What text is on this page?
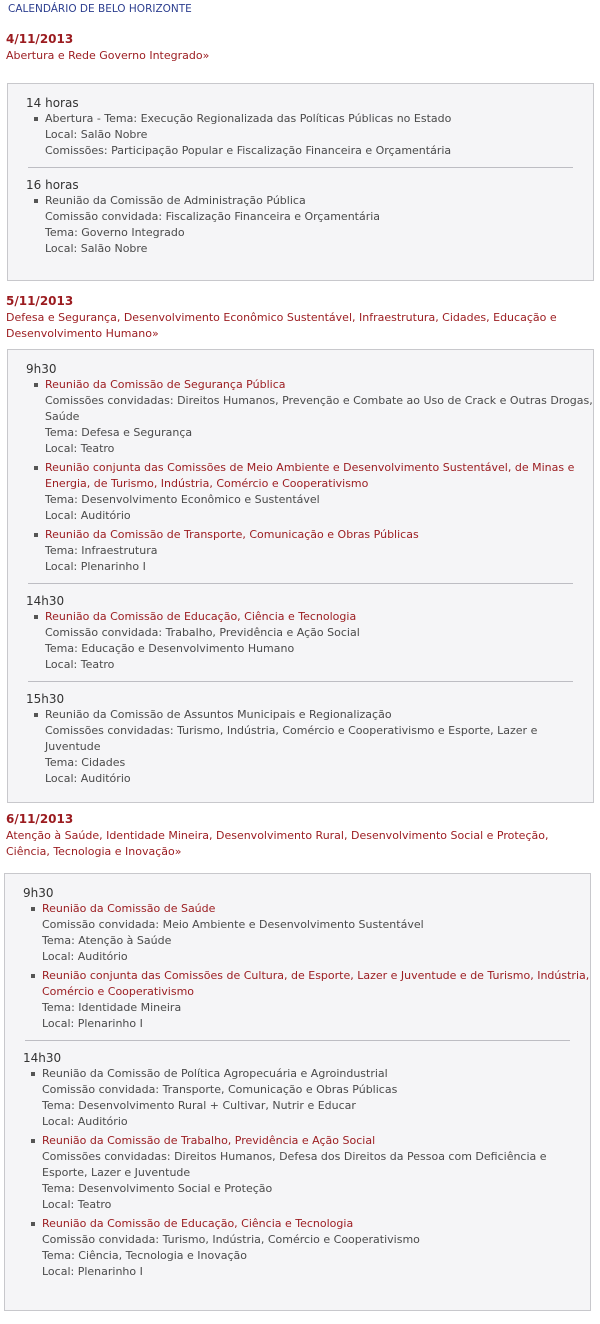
CALENDÁRIO DE BELO HORIZONTE
4/11/2013
Abertura e Rede Governo Integrado»
14 horas
Abertura - Tema: Execução Regionalizada das Políticas Públicas no Estado
Local: Salão Nobre
Comissões: Participação Popular e Fiscalização Financeira e Orçamentária
16 horas
Reunião da Comissão de Administração Pública
Comissão convidada: Fiscalização Financeira e Orçamentária
Tema: Governo Integrado
Local: Salão Nobre
5/11/2013
Defesa e Segurança, Desenvolvimento Econômico Sustentável, Infraestrutura, Cidades, Educação e Desenvolvimento Humano»
9h30
Reunião da Comissão de Segurança Pública
Comissões convidadas: Direitos Humanos, Prevenção e Combate ao Uso de Crack e Outras Drogas, Saúde
Tema: Defesa e Segurança
Local: Teatro
Reunião conjunta das Comissões de Meio Ambiente e Desenvolvimento Sustentável, de Minas e Energia, de Turismo, Indústria, Comércio e Cooperativismo
Tema: Desenvolvimento Econômico e Sustentável
Local: Auditório
Reunião da Comissão de Transporte, Comunicação e Obras Públicas
Tema: Infraestrutura
Local: Plenarinho I
14h30
Reunião da Comissão de Educação, Ciência e Tecnologia
Comissão convidada: Trabalho, Previdência e Ação Social
Tema: Educação e Desenvolvimento Humano
Local: Teatro
15h30
Reunião da Comissão de Assuntos Municipais e Regionalização
Comissões convidadas: Turismo, Indústria, Comércio e Cooperativismo e Esporte, Lazer e Juventude
Tema: Cidades
Local: Auditório
6/11/2013
Atenção à Saúde, Identidade Mineira, Desenvolvimento Rural, Desenvolvimento Social e Proteção, Ciência, Tecnologia e Inovação»
9h30
Reunião da Comissão de Saúde
Comissão convidada: Meio Ambiente e Desenvolvimento Sustentável
Tema: Atenção à Saúde
Local: Auditório
Reunião conjunta das Comissões de Cultura, de Esporte, Lazer e Juventude e de Turismo, Indústria, Comércio e Cooperativismo
Tema: Identidade Mineira
Local: Plenarinho I
14h30
Reunião da Comissão de Política Agropecuária e Agroindustrial
Comissão convidada: Transporte, Comunicação e Obras Públicas
Tema: Desenvolvimento Rural + Cultivar, Nutrir e Educar
Local: Auditório
Reunião da Comissão de Trabalho, Previdência e Ação Social
Comissões convidadas: Direitos Humanos, Defesa dos Direitos da Pessoa com Deficiência e Esporte, Lazer e Juventude
Tema: Desenvolvimento Social e Proteção
Local: Teatro
Reunião da Comissão de Educação, Ciência e Tecnologia
Comissão convidada: Turismo, Indústria, Comércio e Cooperativismo
Tema: Ciência, Tecnologia e Inovação
Local: Plenarinho I
